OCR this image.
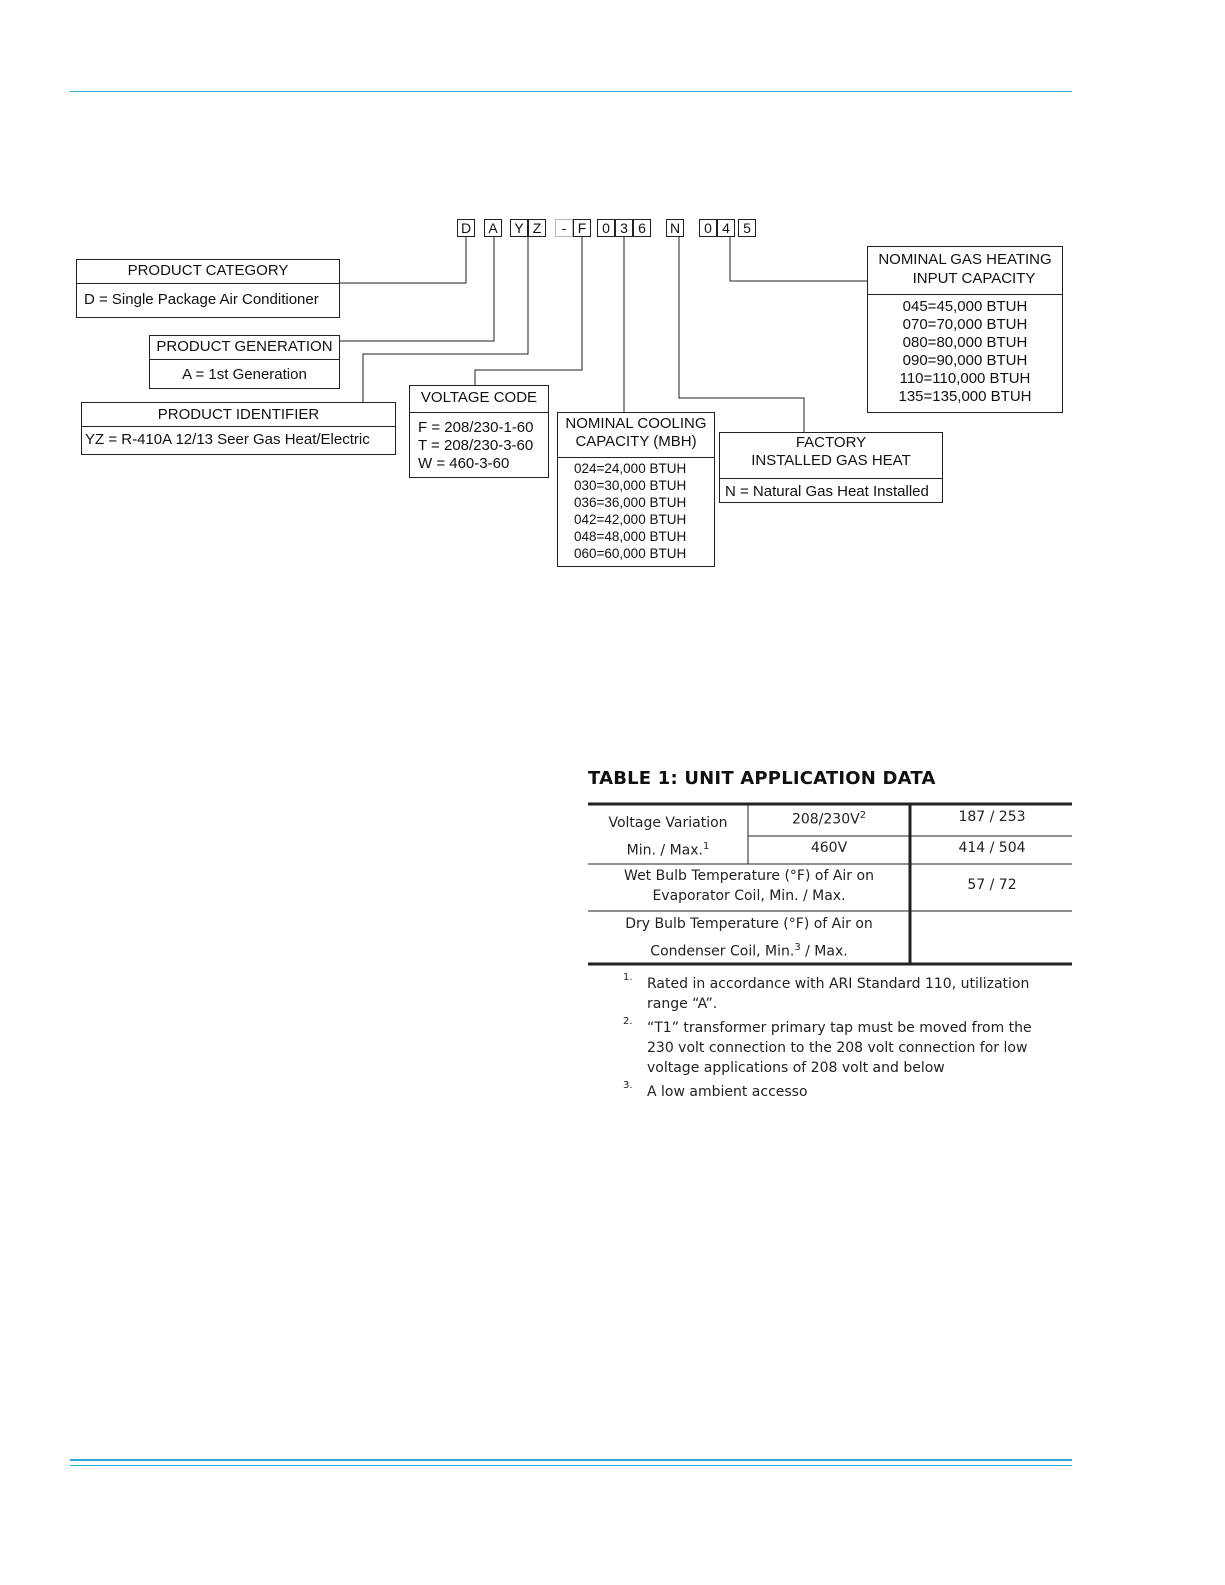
D	A	Y Z	- F	0 3 6	N	0 4 5
PRODUCT CATEGORY
D = Single Package Air Conditioner
PRODUCT GENERATION
A = 1st Generation
PRODUCT IDENTIFIER
YZ = R-410A 12/13 Seer Gas Heat/Electric
VOLTAGE CODE
F = 208/230-1-60
T = 208/230-3-60
W = 460-3-60
NOMINAL COOLING
CAPACITY (MBH)
024=24,000 BTUH
030=30,000 BTUH
036=36,000 BTUH
042=42,000 BTUH
048=48,000 BTUH
060=60,000 BTUH
FACTORY
INSTALLED GAS HEAT
N = Natural Gas Heat Installed
NOMINAL GAS HEATING
INPUT CAPACITY
045=45,000 BTUH
070=70,000 BTUH
080=80,000 BTUH
090=90,000 BTUH
110=110,000 BTUH
135=135,000 BTUH
TABLE 1: UNIT APPLICATION DATA
Voltage Variation
Min. / Max.$^1$
$208/230V^2$	187 / 253
460V	414 / 504
Wet Bulb Temperature (°F) of Air on
Evaporator Coil, Min. / Max.
57 / 72
Dry Bulb Temperature (°F) of Air on
Condenser Coil, Min.$^3$ / Max.
1. Rated in accordance with ARI Standard 110, utilization
range “A”.
2. “T1” transformer primary tap must be moved from the
230 volt connection to the 208 volt connection for low
voltage applications of 208 volt and below
3. A low ambient accesso
